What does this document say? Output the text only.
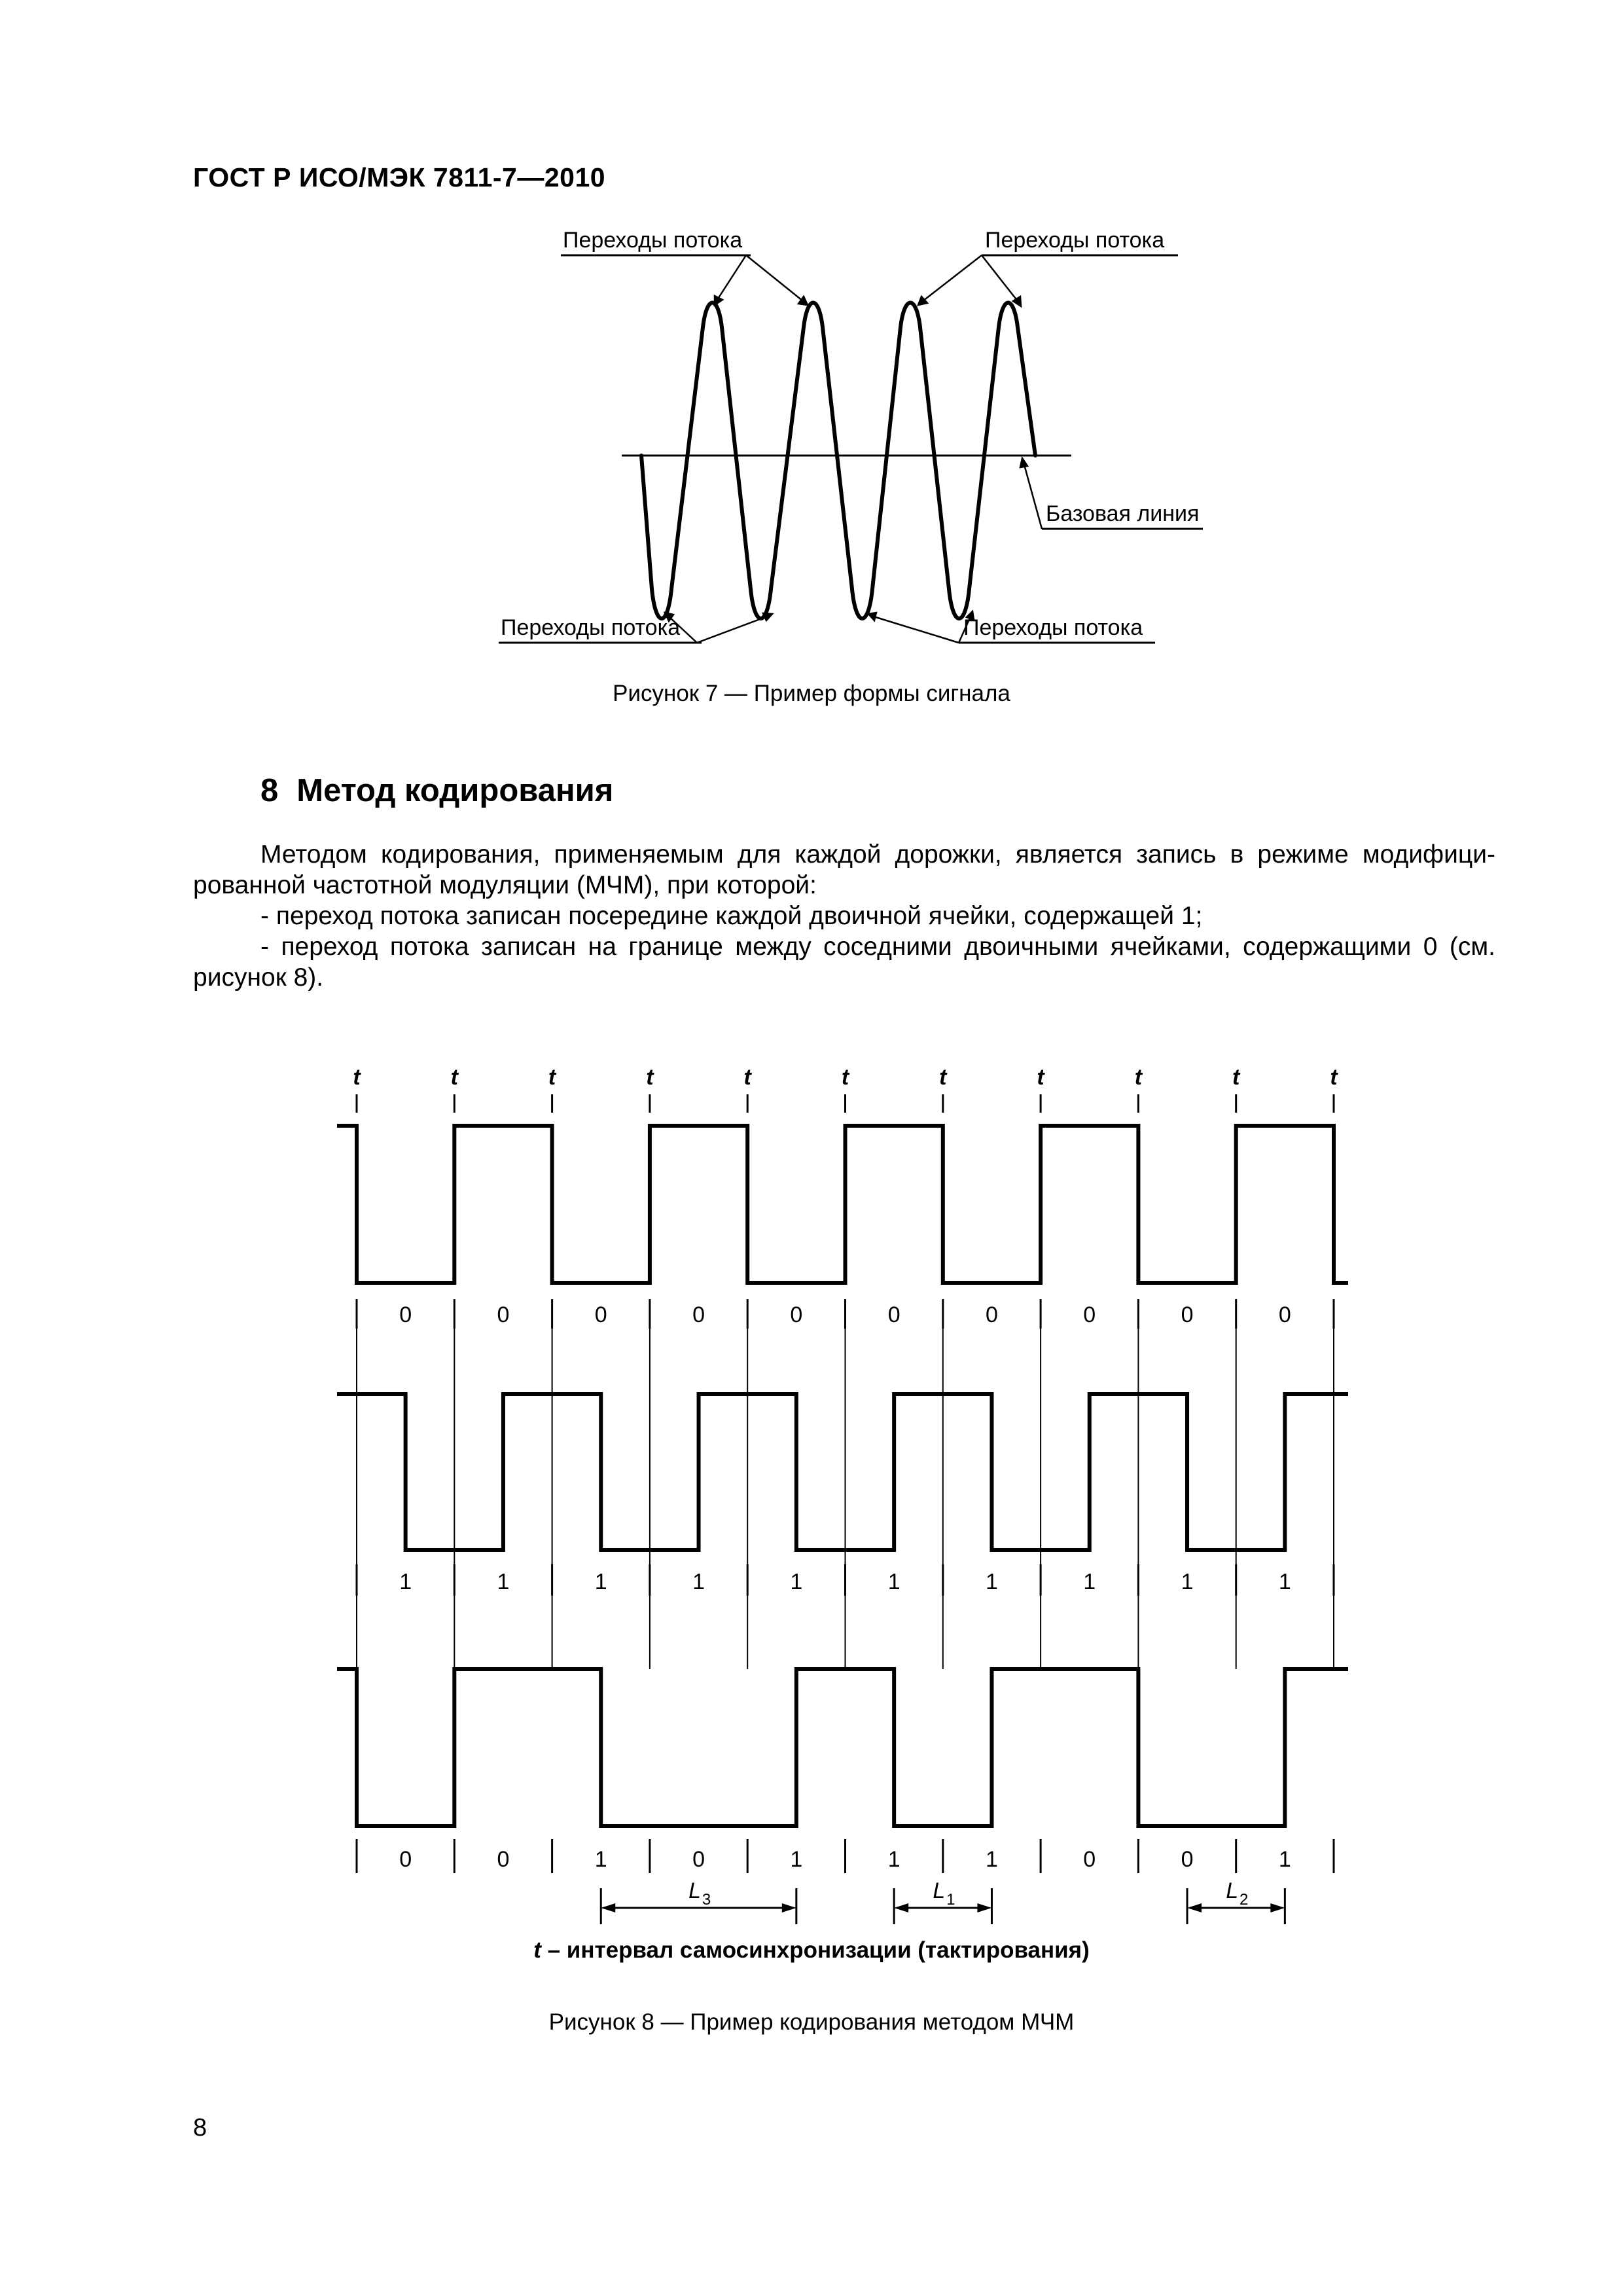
ГОСТ Р ИСО/МЭК 7811-7—2010
Переходы потока	Переходы потока
Переходы потока	Переходы потока
Базовая линия
Рисунок 7 — Пример формы сигнала
8 Метод кодирования
Методом кодирования, применяемым для каждой дорожки, является запись в режиме модифици-
рованной частотной модуляции (МЧМ), при которой:
- переход потока записан посередине каждой двоичной ячейки, содержащей 1;
- переход потока записан на границе между соседними двоичными ячейками, содержащими 0 (см.
рисунок 8).
t	t	t	t	t	t	t	t	t	t	t
0	0	0	0	0	0	0	0	0	0
1	1	1	1	1	1	1	1	1	1
0	0	1	0	1	1	1	0	0	1
L 3	L 1	L 2
t – интервал самосинхронизации (тактирования)
Рисунок 8 — Пример кодирования методом МЧМ
8
